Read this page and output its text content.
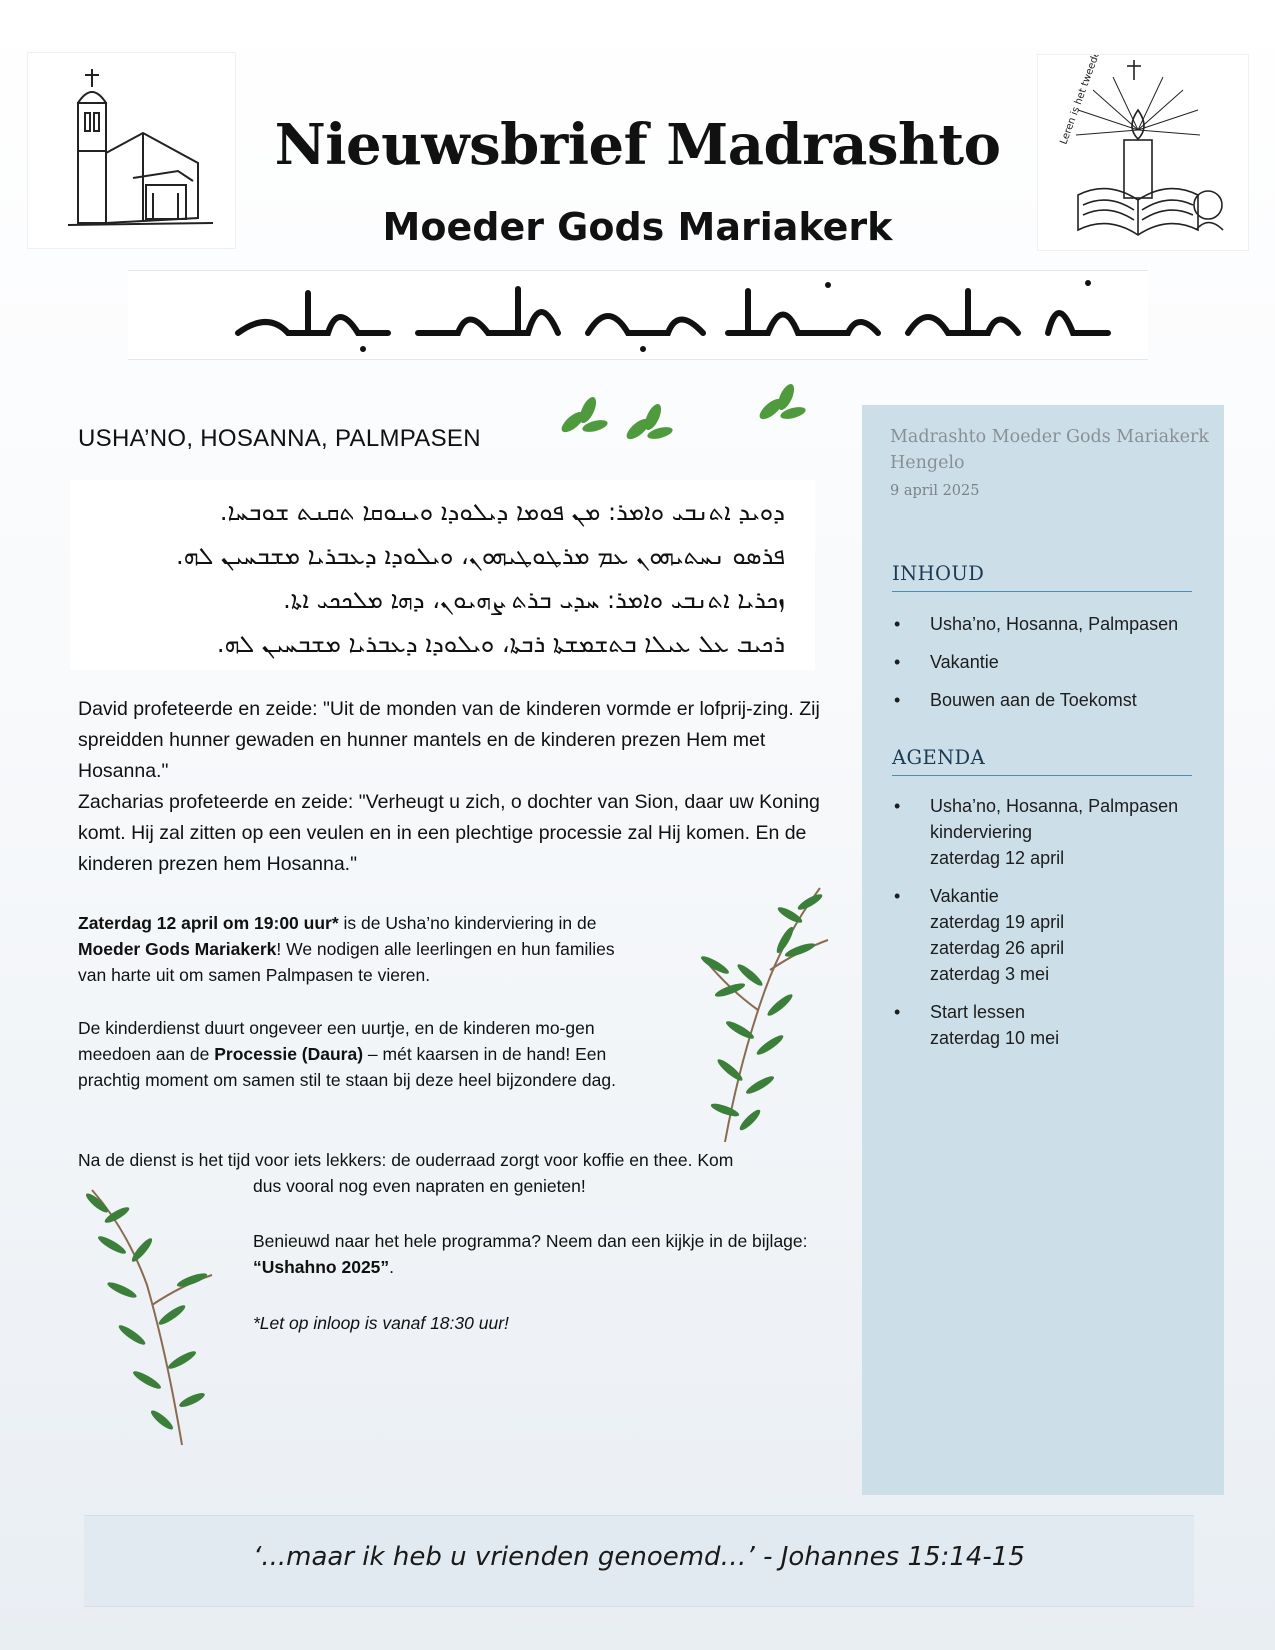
Leren is het tweede licht
Nieuwsbrief Madrashto
Moeder Gods Mariakerk
USHA’NO, HOSANNA, PALMPASEN
ܕܘܝܕ ܐܬܢܒܝ ܘܐܡܪ: ܡܢ ܦܘܡܐ ܕܝܠܘܕܐ ܘܝܢܘܩܐ ܬܩܢܬ ܫܘܒܚܐ.
ܦܪܣܘ ܢܚܬܝܗܘܢ ܥܡ ܡܪܛܘܛܝܗܘܢ، ܘܝܠܘܕܐ ܕܥܒܪܝܐ ܡܫܒܚܝܢ ܠܗ.
ܙܟܪܝܐ ܐܬܢܒܝ ܘܐܡܪ: ܚܕܝ ܒܪܬ ܨܗܝܘܢ، ܕܗܐ ܡܠܟܟܝ ܐܬܐ.
ܪܟܝܒ ܥܠ ܥܝܠܐ ܒܬܫܡܫܬܐ ܪܒܬܐ، ܘܝܠܘܕܐ ܕܥܒܪܝܐ ܡܫܒܚܝܢ ܠܗ.

David profeteerde en zeide: "Uit de monden van de kinderen vormde er lofprij-zing. Zij spreidden hunner gewaden en hunner mantels en de kinderen prezen Hem met Hosanna."

Zacharias profeteerde en zeide: "Verheugt u zich, o dochter van Sion, daar uw Koning komt. Hij zal zitten op een veulen en in een plechtige processie zal Hij komen. En de kinderen prezen hem Hosanna."

Zaterdag 12 april om 19:00 uur* is de Usha’no kinderviering in de Moeder Gods Mariakerk! We nodigen alle leerlingen en hun families van harte uit om samen Palmpasen te vieren.
De kinderdienst duurt ongeveer een uurtje, en de kinderen mo-gen meedoen aan de Processie (Daura) – mét kaarsen in de hand! Een prachtig moment om samen stil te staan bij deze heel bijzondere dag.
Na de dienst is het tijd voor iets lekkers: de ouderraad zorgt voor koffie en thee. Kom
dus vooral nog even napraten en genieten!
Benieuwd naar het hele programma? Neem dan een kijkje in de bijlage: “Ushahno 2025”.
*Let op inloop is vanaf 18:30 uur!
Madrashto Moeder Gods Mariakerk Hengelo
9 april 2025
INHOUD
• Usha’no, Hosanna, Palmpasen
• Vakantie
• Bouwen aan de Toekomst
AGENDA
• Usha’no, Hosanna, Palmpasen
kinderviering
zaterdag 12 april
• Vakantie
zaterdag 19 april
zaterdag 26 april
zaterdag 3 mei
• Start lessen
zaterdag 10 mei
‘...maar ik heb u vrienden genoemd…’ - Johannes 15:14-15
